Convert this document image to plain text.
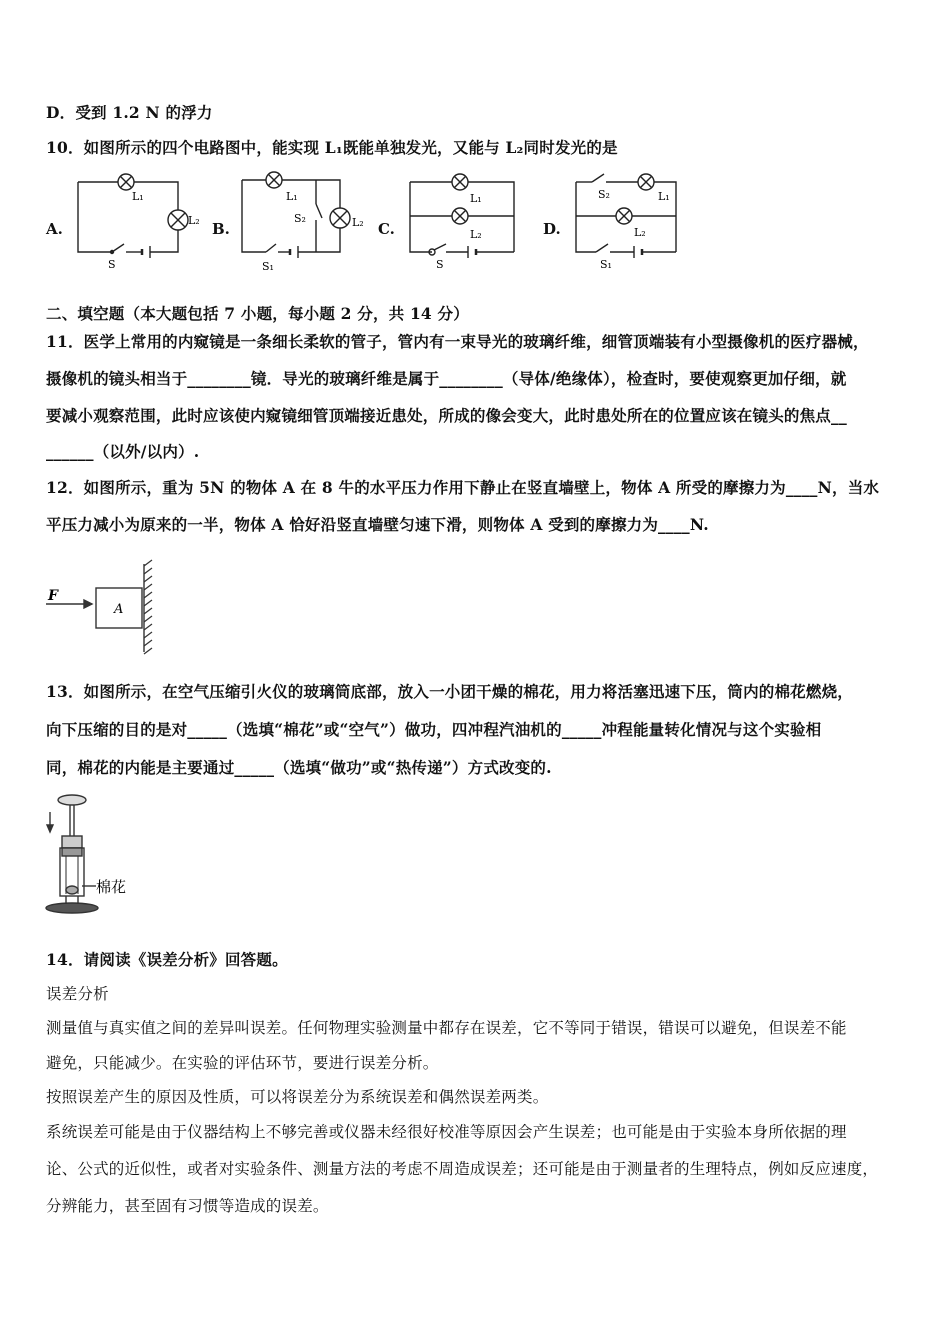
D．受到 1.2 N 的浮力
10．如图所示的四个电路图中，能实现 L₁既能单独发光，又能与 L₂同时发光的是
A.	B.	C.	D.
L₁
L₂
S
L₁
L₂
S₂
S₁
L₁
L₂
S
S₂	L₁
L₂
S₁
二、填空题（本大题包括 7 小题，每小题 2 分，共 14 分）
11．医学上常用的内窥镜是一条细长柔软的管子，管内有一束导光的玻璃纤维，细管顶端装有小型摄像机的医疗器械，
摄像机的镜头相当于________镜．导光的玻璃纤维是属于________（导体/绝缘体），检查时，要使观察更加仔细，就
要减小观察范围，此时应该使内窥镜细管顶端接近患处，所成的像会变大，此时患处所在的位置应该在镜头的焦点__
______（以外/以内）.
12．如图所示，重为 5N 的物体 A 在 8 牛的水平压力作用下静止在竖直墙壁上，物体 A 所受的摩擦力为____N，当水
平压力减小为原来的一半，物体 A 恰好沿竖直墙壁匀速下滑，则物体 A 受到的摩擦力为____N.
F
A
13．如图所示，在空气压缩引火仪的玻璃筒底部，放入一小团干燥的棉花，用力将活塞迅速下压，筒内的棉花燃烧，
向下压缩的目的是对_____（选填“棉花”或“空气”）做功，四冲程汽油机的_____冲程能量转化情况与这个实验相
同，棉花的内能是主要通过_____（选填“做功”或“热传递”）方式改变的.
棉花
14．请阅读《误差分析》回答题。
误差分析
测量值与真实值之间的差异叫误差。任何物理实验测量中都存在误差，它不等同于错误，错误可以避免，但误差不能
避免，只能减少。在实验的评估环节，要进行误差分析。
按照误差产生的原因及性质，可以将误差分为系统误差和偶然误差两类。
系统误差可能是由于仪器结构上不够完善或仪器未经很好校准等原因会产生误差；也可能是由于实验本身所依据的理
论、公式的近似性，或者对实验条件、测量方法的考虑不周造成误差；还可能是由于测量者的生理特点，例如反应速度，
分辨能力，甚至固有习惯等造成的误差。
